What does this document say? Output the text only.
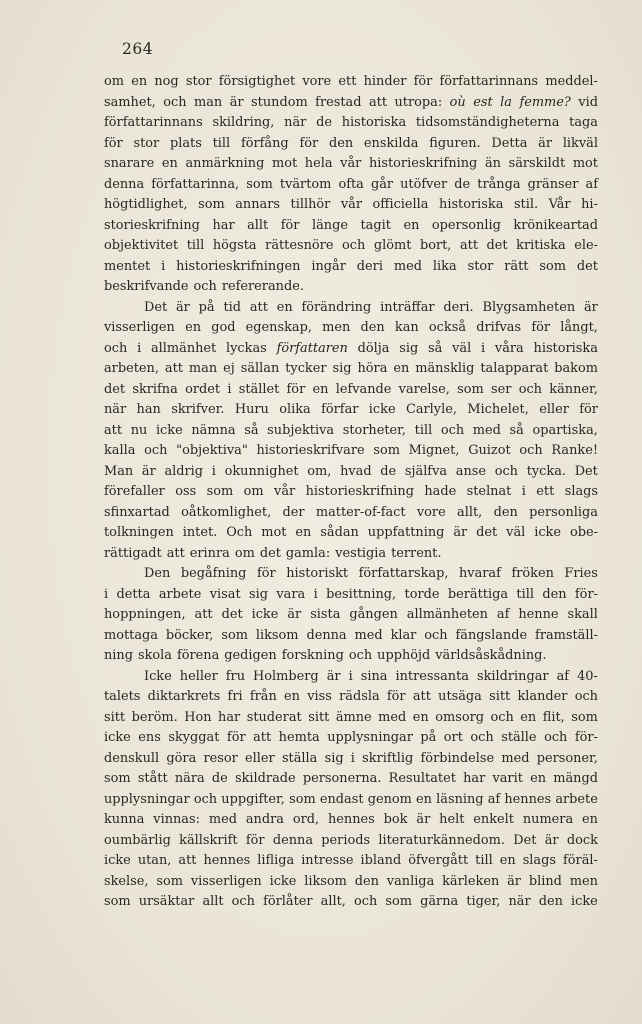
264
om en nog stor försigtighet vore ett hinder för författarinnans meddel-
samhet, och man är stundom frestad att utropa: où est la femme? vid
författarinnans skildring, när de historiska tidsomständigheterna taga
för stor plats till förfång för den enskilda figuren. Detta är likväl
snarare en anmärkning mot hela vår historieskrifning än särskildt mot
denna författarinna, som tvärtom ofta går utöfver de trånga gränser af
högtidlighet, som annars tillhör vår officiella historiska stil. Vår hi-
storieskrifning har allt för länge tagit en opersonlig krönikeartad
objektivitet till högsta rättesnöre och glömt bort, att det kritiska ele-
mentet i historieskrifningen ingår deri med lika stor rätt som det
beskrifvande och refererande.
Det är på tid att en förändring inträffar deri. Blygsamheten är
visserligen en god egenskap, men den kan också drifvas för långt,
och i allmänhet lyckas författaren dölja sig så väl i våra historiska
arbeten, att man ej sällan tycker sig höra en mänsklig talapparat bakom
det skrifna ordet i stället för en lefvande varelse, som ser och känner,
när han skrifver. Huru olika förfar icke Carlyle, Michelet, eller för
att nu icke nämna så subjektiva storheter, till och med så opartiska,
kalla och "objektiva" historieskrifvare som Mignet, Guizot och Ranke!
Man är aldrig i okunnighet om, hvad de själfva anse och tycka. Det
förefaller oss som om vår historieskrifning hade stelnat i ett slags
sfinxartad oåtkomlighet, der matter-of-fact vore allt, den personliga
tolkningen intet. Och mot en sådan uppfattning är det väl icke obe-
rättigadt att erinra om det gamla: vestigia terrent.
Den begåfning för historiskt författarskap, hvaraf fröken Fries
i detta arbete visat sig vara i besittning, torde berättiga till den för-
hoppningen, att det icke är sista gången allmänheten af henne skall
mottaga böcker, som liksom denna med klar och fängslande framställ-
ning skola förena gedigen forskning och upphöjd världsåskådning.
Icke heller fru Holmberg är i sina intressanta skildringar af 40-
talets diktarkrets fri från en viss rädsla för att utsäga sitt klander och
sitt beröm. Hon har studerat sitt ämne med en omsorg och en flit, som
icke ens skyggat för att hemta upplysningar på ort och ställe och för-
denskull göra resor eller ställa sig i skriftlig förbindelse med personer,
som stått nära de skildrade personerna. Resultatet har varit en mängd
upplysningar och uppgifter, som endast genom en läsning af hennes arbete
kunna vinnas: med andra ord, hennes bok är helt enkelt numera en
oumbärlig källskrift för denna periods literaturkännedom. Det är dock
icke utan, att hennes lifliga intresse ibland öfvergått till en slags föräl-
skelse, som visserligen icke liksom den vanliga kärleken är blind men
som ursäktar allt och förlåter allt, och som gärna tiger, när den icke
